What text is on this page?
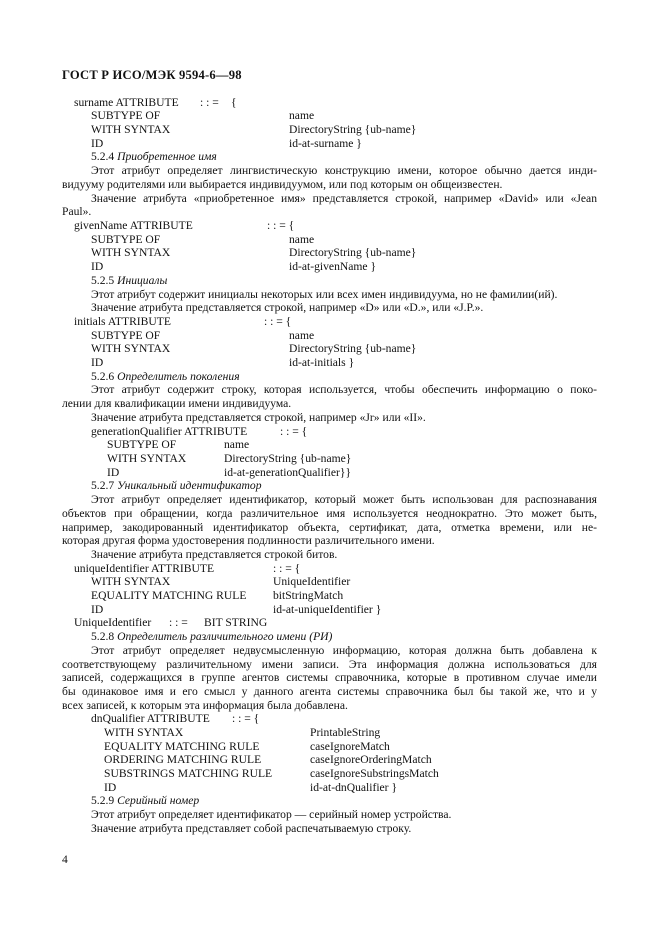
ГОСТ Р ИСО/МЭК 9594-6—98
surname ATTRIBUTE : : = {
SUBTYPE OF	name
WITH SYNTAX	DirectoryString {ub-name}
ID	id-at-surname }
5.2.4 Приобретенное имя
Этот атрибут определяет лингвистическую конструкцию имени, которое обычно дается инди-
видууму родителями или выбирается индивидуумом, или под которым он общеизвестен.
Значение атрибута «приобретенное имя» представляется строкой, например «David» или «Jean
Paul».
givenName ATTRIBUTE	: : = {
SUBTYPE OF	name
WITH SYNTAX	DirectoryString {ub-name}
ID	id-at-givenName }
5.2.5 Инициалы
Этот атрибут содержит инициалы некоторых или всех имен индивидуума, но не фамилии(ий).
Значение атрибута представляется строкой, например «D» или «D.», или «J.P.».
initials ATTRIBUTE	: : = {
SUBTYPE OF	name
WITH SYNTAX	DirectoryString {ub-name}
ID	id-at-initials }
5.2.6 Определитель поколения
Этот атрибут содержит строку, которая используется, чтобы обеспечить информацию о поко-
лении для квалификации имени индивидуума.
Значение атрибута представляется строкой, например «Jr» или «II».
generationQualifier ATTRIBUTE	: : = {
SUBTYPE OF	name
WITH SYNTAX	DirectoryString {ub-name}
ID	id-at-generationQualifier}}
5.2.7 Уникальный идентификатор
Этот атрибут определяет идентификатор, который может быть использован для распознавания
объектов при обращении, когда различительное имя используется неоднократно. Это может быть,
например, закодированный идентификатор объекта, сертификат, дата, отметка времени, или не-
которая другая форма удостоверения подлинности различительного имени.
Значение атрибута представляется строкой битов.
uniqueIdentifier ATTRIBUTE	: : = {
WITH SYNTAX	UniqueIdentifier
EQUALITY MATCHING RULE bitStringMatch
ID	id-at-uniqueIdentifier }
UniqueIdentifier : : = BIT STRING
5.2.8 Определитель различительного имени (РИ)
Этот атрибут определяет недвусмысленную информацию, которая должна быть добавлена к
соответствующему различительному имени записи. Эта информация должна использоваться для
записей, содержащихся в группе агентов системы справочника, которые в противном случае имели
бы одинаковое имя и его смысл у данного агента системы справочника был бы такой же, что и у
всех записей, к которым эта информация была добавлена.
dnQualifier ATTRIBUTE : : = {
WITH SYNTAX	PrintableString
EQUALITY MATCHING RULE	caseIgnoreMatch
ORDERING MATCHING RULE	caseIgnoreOrderingMatch
SUBSTRINGS MATCHING RULE	caseIgnoreSubstringsMatch
ID	id-at-dnQualifier }
5.2.9 Серийный номер
Этот атрибут определяет идентификатор — серийный номер устройства.
Значение атрибута представляет собой распечатываемую строку.
4
